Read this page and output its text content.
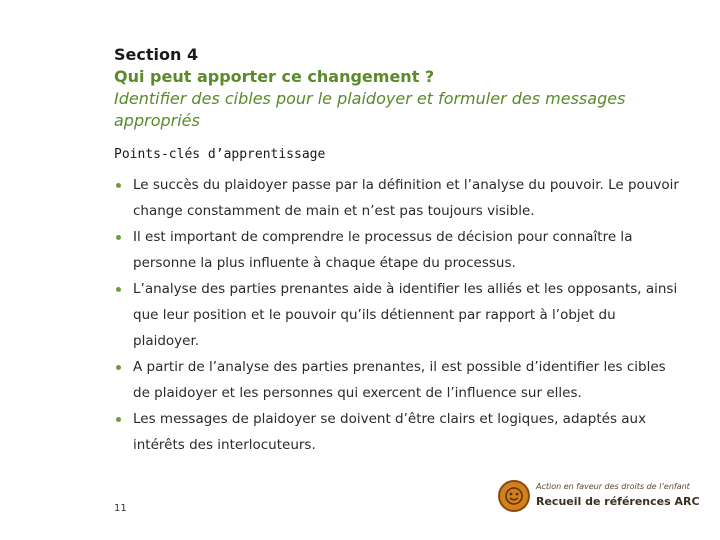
Section 4
Qui peut apporter ce changement ?
Identifier des cibles pour le plaidoyer et formuler des messages appropriés
Points-clés d’apprentissage
Le succès du plaidoyer passe par la définition et l’analyse du pouvoir. Le pouvoir change constamment de main et n’est pas toujours visible.
Il est important de comprendre le processus de décision pour connaître la personne la plus influente à chaque étape du processus.
L’analyse des parties prenantes aide à identifier les alliés et les opposants, ainsi que leur position et le pouvoir qu’ils détiennent par rapport à l’objet du plaidoyer.
A partir de l’analyse des parties prenantes, il est possible d’identifier les cibles de plaidoyer et les personnes qui exercent de l’influence sur elles.
Les messages de plaidoyer se doivent d’être clairs et logiques, adaptés aux intérêts des interlocuteurs.
11
Action en faveur des droits de l’enfant
Recueil de références ARC
